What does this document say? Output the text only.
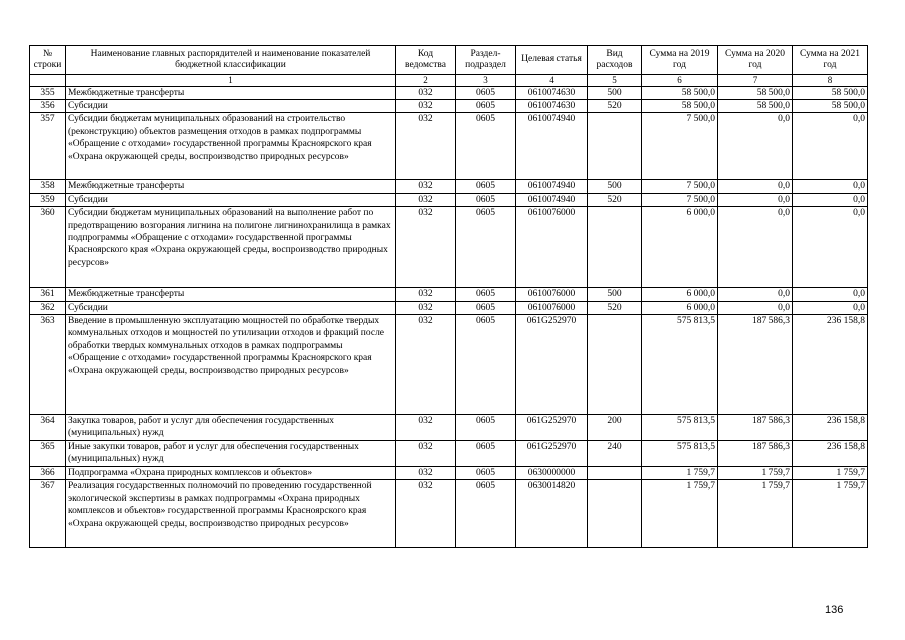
№ строки	Наименование главных распорядителей и наименование показателей бюджетной классификации	Код ведомства	Раздел-подраздел	Целевая статья	Вид расходов	Сумма на 2019 год	Сумма на 2020 год	Сумма на 2021 год
	1	2	3	4	5	6	7	8
355	Межбюджетные трансферты	032	0605	0610074630	500	58 500,0	58 500,0	58 500,0
356	Субсидии	032	0605	0610074630	520	58 500,0	58 500,0	58 500,0
357	Субсидии бюджетам муниципальных образований на строительство (реконструкцию) объектов размещения отходов в рамках подпрограммы «Обращение с отходами» государственной программы Красноярского края «Охрана окружающей среды, воспроизводство природных ресурсов»	032	0605	0610074940		7 500,0	0,0	0,0
358	Межбюджетные трансферты	032	0605	0610074940	500	7 500,0	0,0	0,0
359	Субсидии	032	0605	0610074940	520	7 500,0	0,0	0,0
360	Субсидии бюджетам муниципальных образований на выполнение работ по предотвращению возгорания лигнина на полигоне лигнинохранилища в рамках подпрограммы «Обращение с отходами» государственной программы Красноярского края «Охрана окружающей среды, воспроизводство природных ресурсов»	032	0605	0610076000		6 000,0	0,0	0,0
361	Межбюджетные трансферты	032	0605	0610076000	500	6 000,0	0,0	0,0
362	Субсидии	032	0605	0610076000	520	6 000,0	0,0	0,0
363	Введение в промышленную эксплуатацию мощностей по обработке твердых коммунальных отходов и мощностей по утилизации отходов и фракций после обработки твердых коммунальных отходов в рамках подпрограммы «Обращение с отходами» государственной программы Красноярского края «Охрана окружающей среды, воспроизводство природных ресурсов»	032	0605	061G252970		575 813,5	187 586,3	236 158,8
364	Закупка товаров, работ и услуг для обеспечения государственных (муниципальных) нужд	032	0605	061G252970	200	575 813,5	187 586,3	236 158,8
365	Иные закупки товаров, работ и услуг для обеспечения государственных (муниципальных) нужд	032	0605	061G252970	240	575 813,5	187 586,3	236 158,8
366	Подпрограмма «Охрана природных комплексов и объектов»	032	0605	0630000000		1 759,7	1 759,7	1 759,7
367	Реализация государственных полномочий по проведению государственной экологической экспертизы в рамках подпрограммы «Охрана природных комплексов и объектов» государственной программы Красноярского края «Охрана окружающей среды, воспроизводство природных ресурсов»	032	0605	0630014820		1 759,7	1 759,7	1 759,7
136
